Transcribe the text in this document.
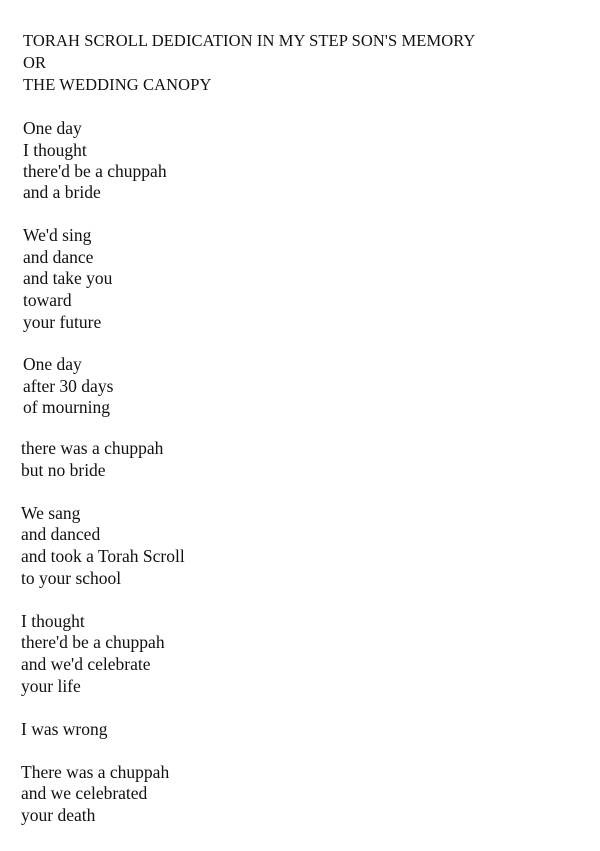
TORAH SCROLL DEDICATION IN MY STEP SON'S MEMORY
OR
THE WEDDING CANOPY
One day
I thought
there'd be a chuppah
and a bride
We'd sing
and dance
and take you
toward
your future
One day
after 30 days
of mourning
there was a chuppah
but no bride
We sang
and danced
and took a Torah Scroll
to your school
I thought
there'd be a chuppah
and we'd celebrate
your life
I was wrong
There was a chuppah
and we celebrated
your death
